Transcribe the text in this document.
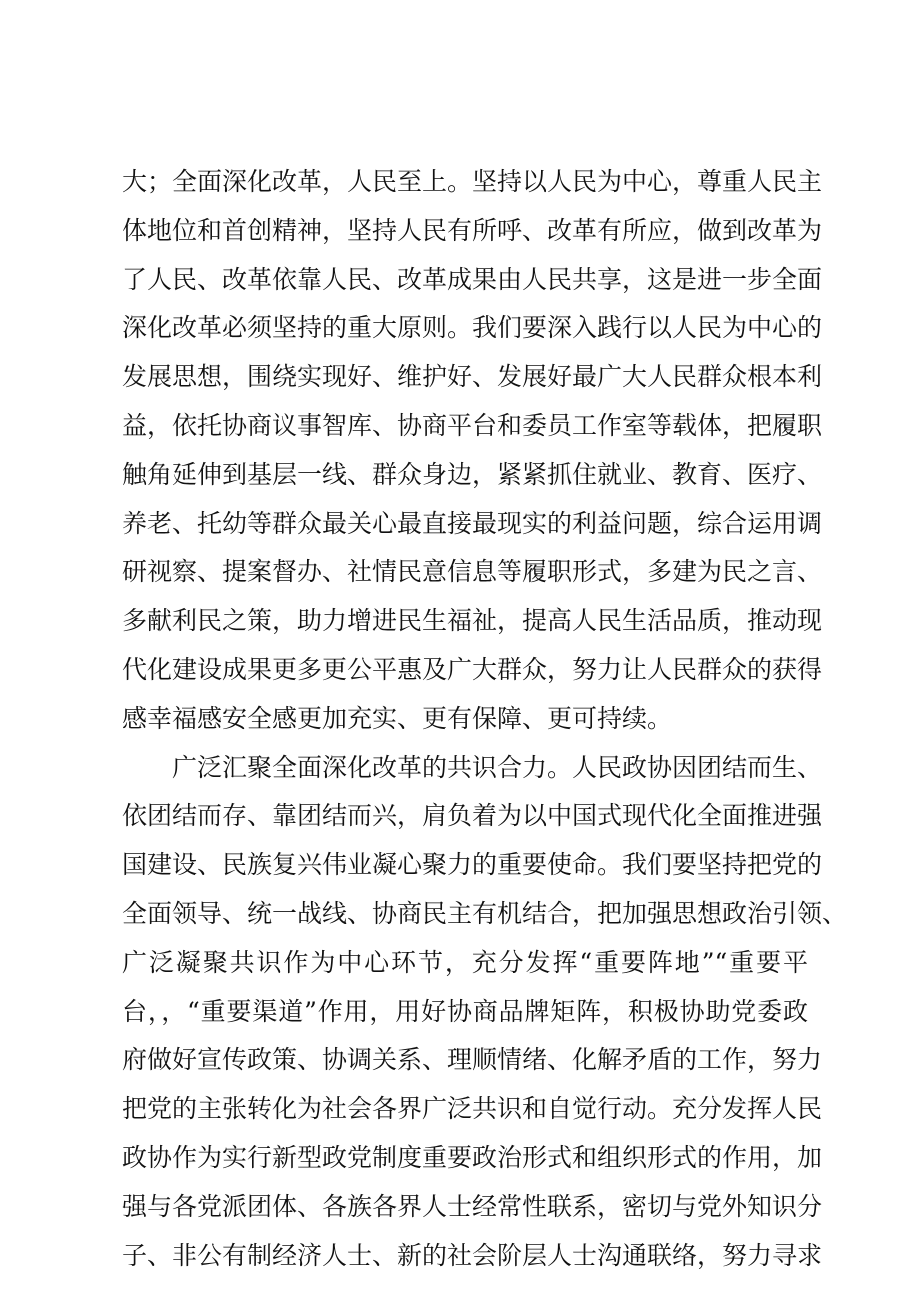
大；全面深化改革，人民至上。坚持以人民为中心，尊重人民主
体地位和首创精神，坚持人民有所呼、改革有所应，做到改革为
了人民、改革依靠人民、改革成果由人民共享，这是进一步全面
深化改革必须坚持的重大原则。我们要深入践行以人民为中心的
发展思想，围绕实现好、维护好、发展好最广大人民群众根本利
益，依托协商议事智库、协商平台和委员工作室等载体，把履职
触角延伸到基层一线、群众身边，紧紧抓住就业、教育、医疗、
养老、托幼等群众最关心最直接最现实的利益问题，综合运用调
研视察、提案督办、社情民意信息等履职形式，多建为民之言、
多献利民之策，助力增进民生福祉，提高人民生活品质，推动现
代化建设成果更多更公平惠及广大群众，努力让人民群众的获得
感幸福感安全感更加充实、更有保障、更可持续。
广泛汇聚全面深化改革的共识合力。人民政协因团结而生、
依团结而存、靠团结而兴，肩负着为以中国式现代化全面推进强
国建设、民族复兴伟业凝心聚力的重要使命。我们要坚持把党的
全面领导、统一战线、协商民主有机结合，把加强思想政治引领、
广泛凝聚共识作为中心环节，充分发挥“重要阵地”“重要平
台，，“重要渠道”作用，用好协商品牌矩阵，积极协助党委政
府做好宣传政策、协调关系、理顺情绪、化解矛盾的工作，努力
把党的主张转化为社会各界广泛共识和自觉行动。充分发挥人民
政协作为实行新型政党制度重要政治形式和组织形式的作用，加
强与各党派团体、各族各界人士经常性联系，密切与党外知识分
子、非公有制经济人士、新的社会阶层人士沟通联络，努力寻求
